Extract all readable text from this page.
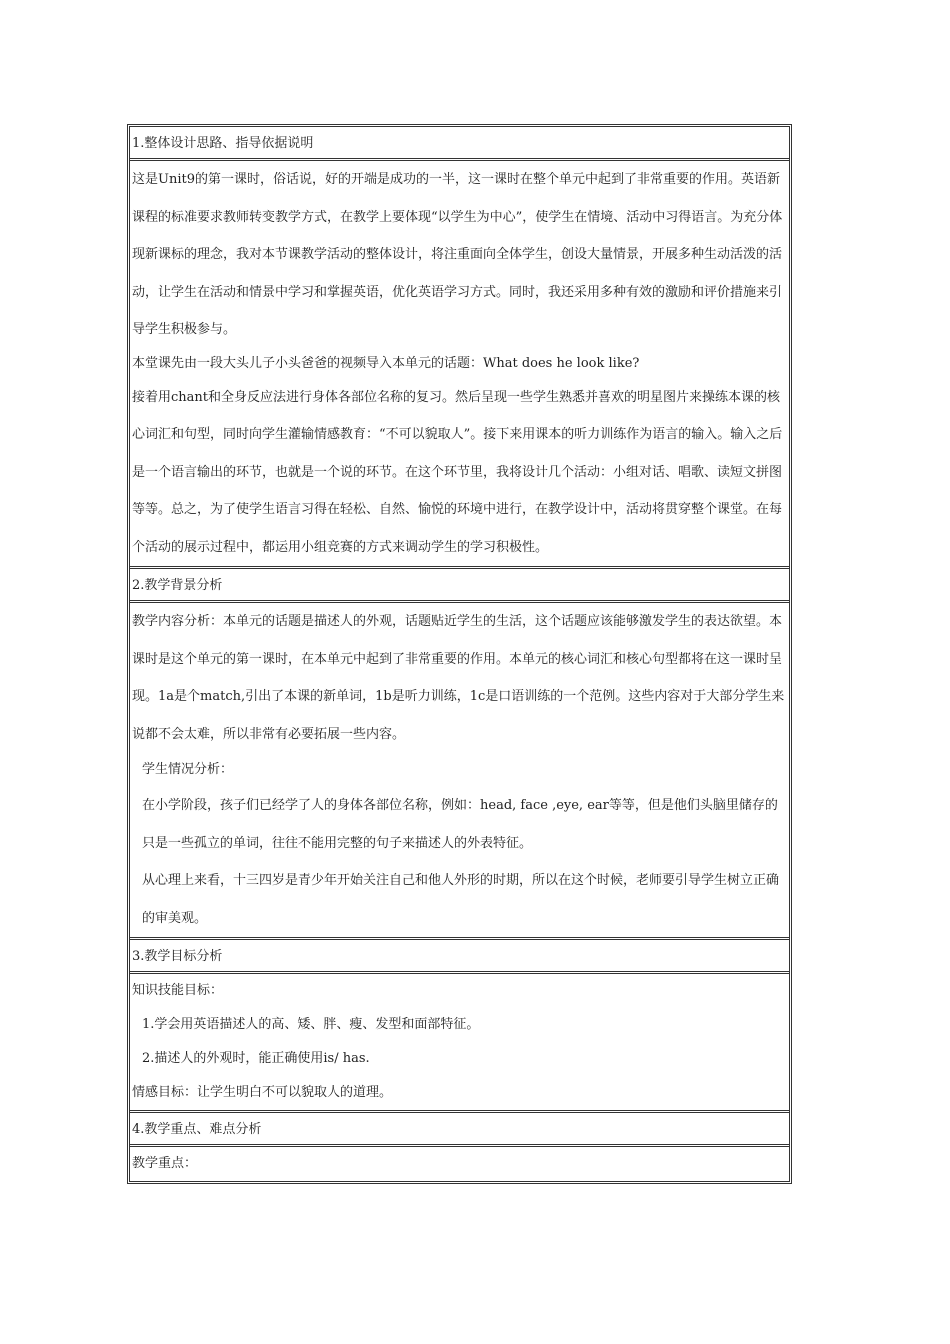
1.整体设计思路、指导依据说明

这是Unit9的第一课时，俗话说，好的开端是成功的一半，这一课时在整个单元中起到了非常重要的作用。英语新课程的标准要求教师转变教学方式，在教学上要体现“以学生为中心”，使学生在情境、活动中习得语言。为充分体现新课标的理念，我对本节课教学活动的整体设计，将注重面向全体学生，创设大量情景，开展多种生动活泼的活动，让学生在活动和情景中学习和掌握英语，优化英语学习方式。同时，我还采用多种有效的激励和评价措施来引导学生积极参与。

本堂课先由一段大头儿子小头爸爸的视频导入本单元的话题：What does he look like?

接着用chant和全身反应法进行身体各部位名称的复习。然后呈现一些学生熟悉并喜欢的明星图片来操练本课的核心词汇和句型，同时向学生灌输情感教育：“不可以貌取人”。接下来用课本的听力训练作为语言的输入。输入之后是一个语言输出的环节，也就是一个说的环节。在这个环节里，我将设计几个活动：小组对话、唱歌、读短文拼图等等。总之，为了使学生语言习得在轻松、自然、愉悦的环境中进行，在教学设计中，活动将贯穿整个课堂。在每个活动的展示过程中，都运用小组竞赛的方式来调动学生的学习积极性。

2.教学背景分析

教学内容分析：本单元的话题是描述人的外观，话题贴近学生的生活，这个话题应该能够激发学生的表达欲望。本课时是这个单元的第一课时，在本单元中起到了非常重要的作用。本单元的核心词汇和核心句型都将在这一课时呈现。1a是个match,引出了本课的新单词，1b是听力训练，1c是口语训练的一个范例。这些内容对于大部分学生来说都不会太难，所以非常有必要拓展一些内容。

学生情况分析：

在小学阶段，孩子们已经学了人的身体各部位名称，例如：head, face ,eye, ear等等，但是他们头脑里储存的只是一些孤立的单词，往往不能用完整的句子来描述人的外表特征。

从心理上来看，十三四岁是青少年开始关注自己和他人外形的时期，所以在这个时候，老师要引导学生树立正确的审美观。

3.教学目标分析

知识技能目标：

1.学会用英语描述人的高、矮、胖、瘦、发型和面部特征。

2.描述人的外观时，能正确使用is/ has.

情感目标：让学生明白不可以貌取人的道理。

4.教学重点、难点分析

教学重点：
